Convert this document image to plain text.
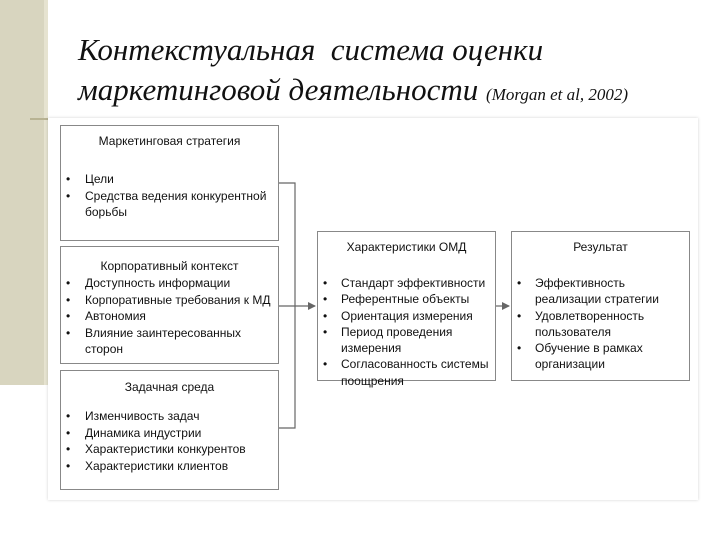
Контекстуальная  система оценки
маркетинговой деятельности (Morgan et al, 2002)
Маркетинговая стратегия
• Цели
• Средства ведения конкурентной борьбы
Корпоративный контекст
• Доступность информации
• Корпоративные требования к МД
• Автономия
• Влияние заинтересованных сторон
Задачная среда
• Изменчивость задач
• Динамика индустрии
• Характеристики конкурентов
• Характеристики клиентов
Характеристики ОМД
• Стандарт эффективности
• Референтные объекты
• Ориентация измерения
• Период проведения измерения
• Согласованность системы поощрения
Результат
• Эффективность реализации стратегии
• Удовлетворенность пользователя
• Обучение в рамках организации
